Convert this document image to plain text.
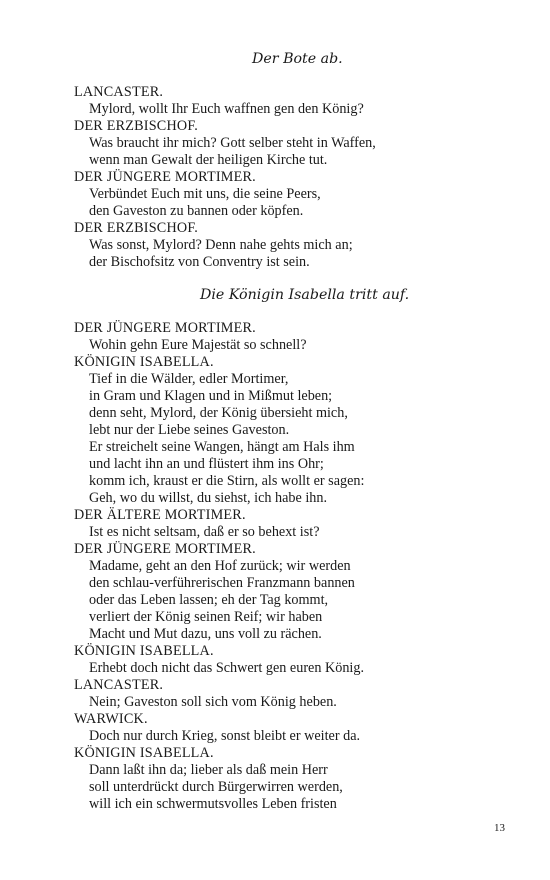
Der Bote ab.
LANCASTER.
Mylord, wollt Ihr Euch waffnen gen den König?
DER ERZBISCHOF.
Was braucht ihr mich? Gott selber steht in Waffen,
wenn man Gewalt der heiligen Kirche tut.
DER JÜNGERE MORTIMER.
Verbündet Euch mit uns, die seine Peers,
den Gaveston zu bannen oder köpfen.
DER ERZBISCHOF.
Was sonst, Mylord? Denn nahe gehts mich an;
der Bischofsitz von Conventry ist sein.
Die Königin Isabella tritt auf.
DER JÜNGERE MORTIMER.
Wohin gehn Eure Majestät so schnell?
KÖNIGIN ISABELLA.
Tief in die Wälder, edler Mortimer,
in Gram und Klagen und in Mißmut leben;
denn seht, Mylord, der König übersieht mich,
lebt nur der Liebe seines Gaveston.
Er streichelt seine Wangen, hängt am Hals ihm
und lacht ihn an und flüstert ihm ins Ohr;
komm ich, kraust er die Stirn, als wollt er sagen:
Geh, wo du willst, du siehst, ich habe ihn.
DER ÄLTERE MORTIMER.
Ist es nicht seltsam, daß er so behext ist?
DER JÜNGERE MORTIMER.
Madame, geht an den Hof zurück; wir werden
den schlau-verführerischen Franzmann bannen
oder das Leben lassen; eh der Tag kommt,
verliert der König seinen Reif; wir haben
Macht und Mut dazu, uns voll zu rächen.
KÖNIGIN ISABELLA.
Erhebt doch nicht das Schwert gen euren König.
LANCASTER.
Nein; Gaveston soll sich vom König heben.
WARWICK.
Doch nur durch Krieg, sonst bleibt er weiter da.
KÖNIGIN ISABELLA.
Dann laßt ihn da; lieber als daß mein Herr
soll unterdrückt durch Bürgerwirren werden,
will ich ein schwermutsvolles Leben fristen
13
